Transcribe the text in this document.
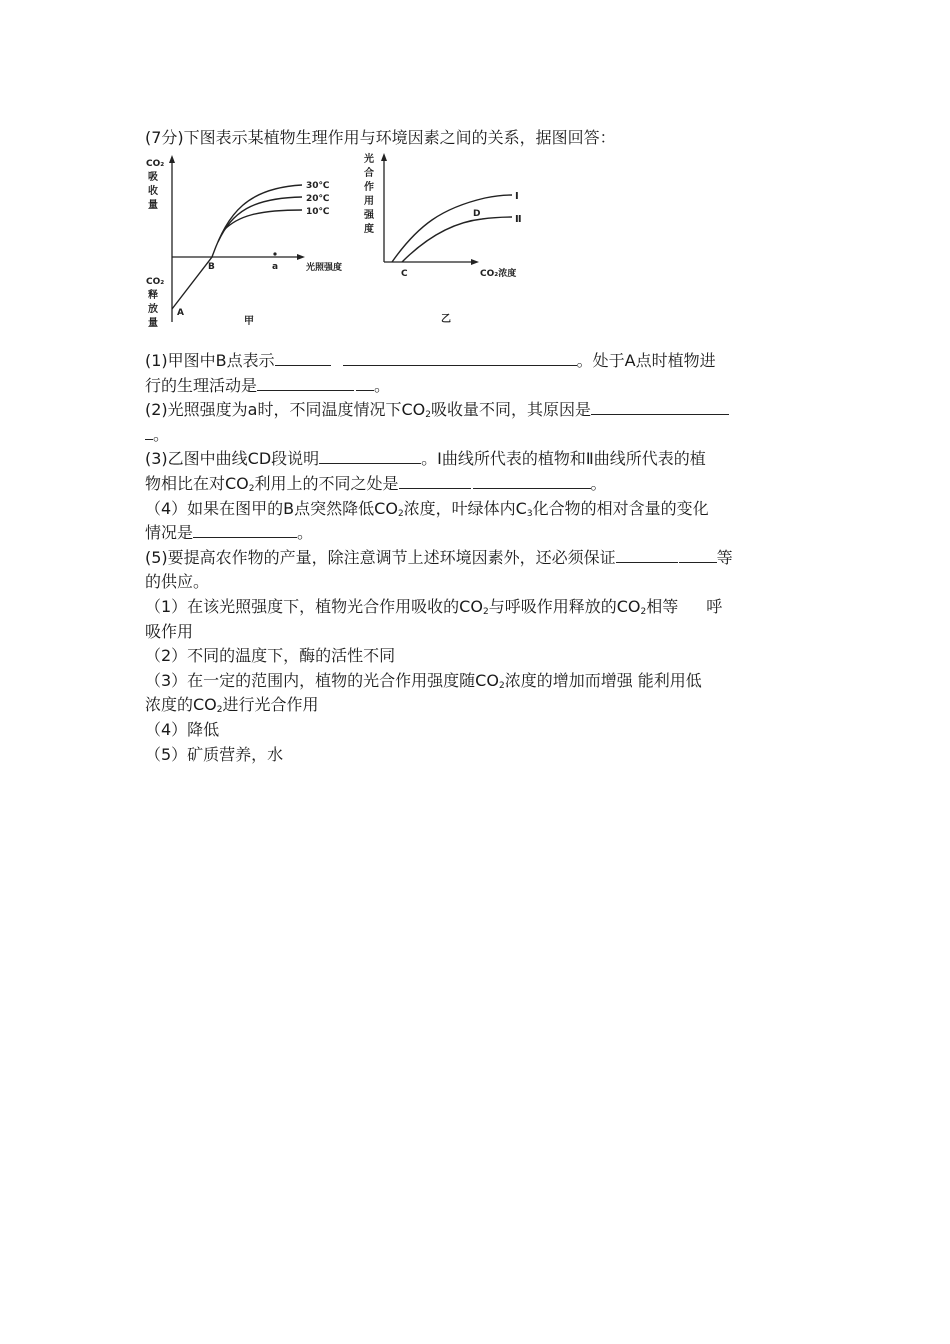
(7分)下图表示某植物生理作用与环境因素之间的关系，据图回答：
CO₂
吸
收
量
CO₂
释
放
量
30℃
20℃
10℃
A
B	a	光照强度
甲
光
合
作
用
强
度
Ⅰ
Ⅱ
C
D
CO₂浓度
乙
(1)甲图中B点表示	。处于A点时植物进
行的生理活动是	。
(2)光照强度为a时，不同温度情况下$CO_2$吸收量不同，其原因是
。
(3)乙图中曲线CD段说明	。Ⅰ曲线所代表的植物和Ⅱ曲线所代表的植
物相比在对$CO_2$利用上的不同之处是	。
（4）如果在图甲的B点突然降低$CO_2$浓度，叶绿体内$C_3$化合物的相对含量的变化
情况是	。
(5)要提高农作物的产量，除注意调节上述环境因素外，还必须保证	等
的供应。
（1）在该光照强度下，植物光合作用吸收的$CO_2$与呼吸作用释放的$CO_2$相等 呼
吸作用
（2）不同的温度下，酶的活性不同
（3）在一定的范围内，植物的光合作用强度随$CO_2$浓度的增加而增强 能利用低
浓度的$CO_2$进行光合作用
（4）降低
（5）矿质营养，水
